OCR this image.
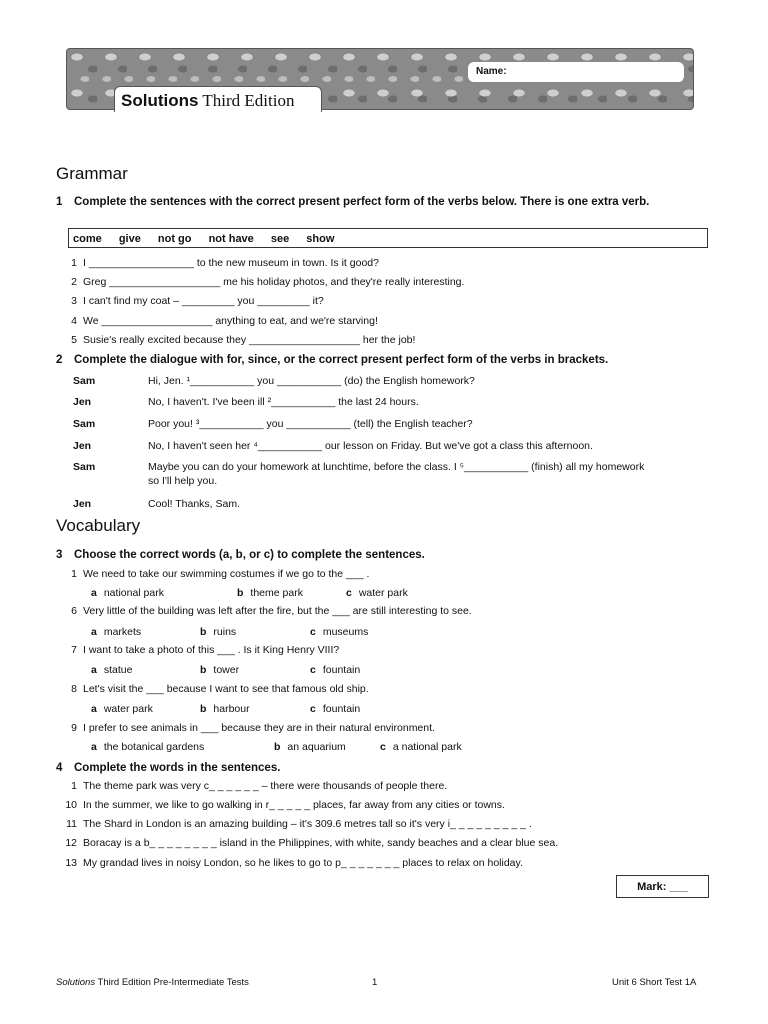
Name:
Solutions Third Edition
Grammar
1 Complete the sentences with the correct present perfect form of the verbs below. There is one extra verb.
come give not go not have see show
1 I __________________ to the new museum in town. Is it good?
2 Greg ___________________ me his holiday photos, and they're really interesting.
3 I can't find my coat – _________ you _________ it?
4 We ___________________ anything to eat, and we're starving!
5 Susie's really excited because they ___________________ her the job!
2 Complete the dialogue with for, since, or the correct present perfect form of the verbs in brackets.
Sam	Hi, Jen. ¹___________ you ___________ (do) the English homework?
Jen	No, I haven't. I've been ill ²___________ the last 24 hours.
Sam	Poor you! ³___________ you ___________ (tell) the English teacher?
Jen	No, I haven't seen her ⁴___________ our lesson on Friday. But we've got a class this afternoon.
Sam	Maybe you can do your homework at lunchtime, before the class. I ⁵___________ (finish) all my homework so I'll help you.
Jen	Cool! Thanks, Sam.
Vocabulary
3 Choose the correct words (a, b, or c) to complete the sentences.
1 We need to take our swimming costumes if we go to the ___ .
a national park	b theme park	c water park
6 Very little of the building was left after the fire, but the ___ are still interesting to see.
a markets	b ruins	c museums
7 I want to take a photo of this ___ . Is it King Henry VIII?
a statue	b tower	c fountain
8 Let's visit the ___ because I want to see that famous old ship.
a water park	b harbour	c fountain
9 I prefer to see animals in ___ because they are in their natural environment.
a the botanical gardens	b an aquarium	c a national park
4 Complete the words in the sentences.
1 The theme park was very c_ _ _ _ _ _ – there were thousands of people there.
10 In the summer, we like to go walking in r_ _ _ _ _ places, far away from any cities or towns.
11 The Shard in London is an amazing building – it's 309.6 metres tall so it's very i_ _ _ _ _ _ _ _ _ .
12 Boracay is a b_ _ _ _ _ _ _ _ island in the Philippines, with white, sandy beaches and a clear blue sea.
13 My grandad lives in noisy London, so he likes to go to p_ _ _ _ _ _ _ places to relax on holiday.
Mark: ___
Solutions Third Edition Pre-Intermediate Tests	1	Unit 6 Short Test 1A
